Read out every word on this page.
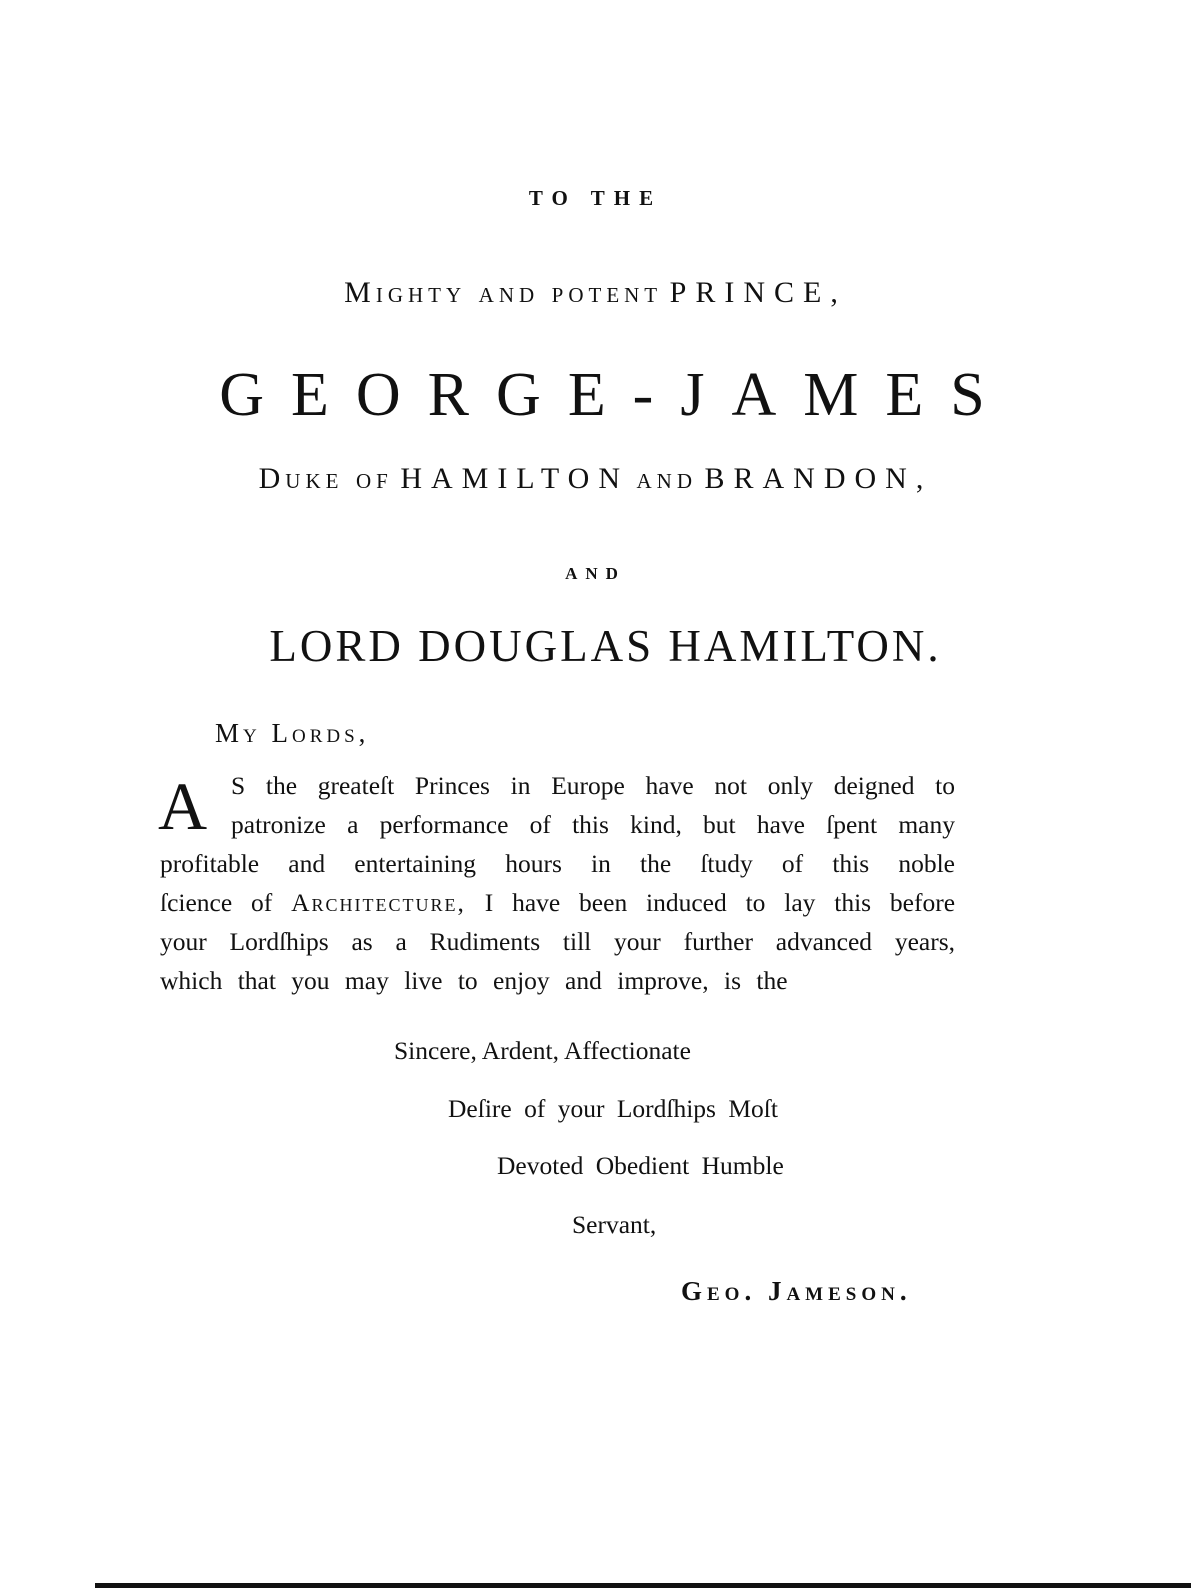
TO THE
Mighty and potent PRINCE,
GEORGE-JAMES
Duke of HAMILTON and BRANDON,
AND
LORD DOUGLAS HAMILTON.
My Lords,
A S the greateſt Princes in Europe have not only deigned to
patronize a performance of this kind, but have ſpent many
profitable and entertaining hours in the ſtudy of this noble
ſcience of Architecture, I have been induced to lay this before
your Lordſhips as a Rudiments till your further advanced years,
which that you may live to enjoy and improve, is the
Sincere, Ardent, Affectionate
Deſire of your Lordſhips Moſt
Devoted Obedient Humble
Servant,
Geo. Jameson.
